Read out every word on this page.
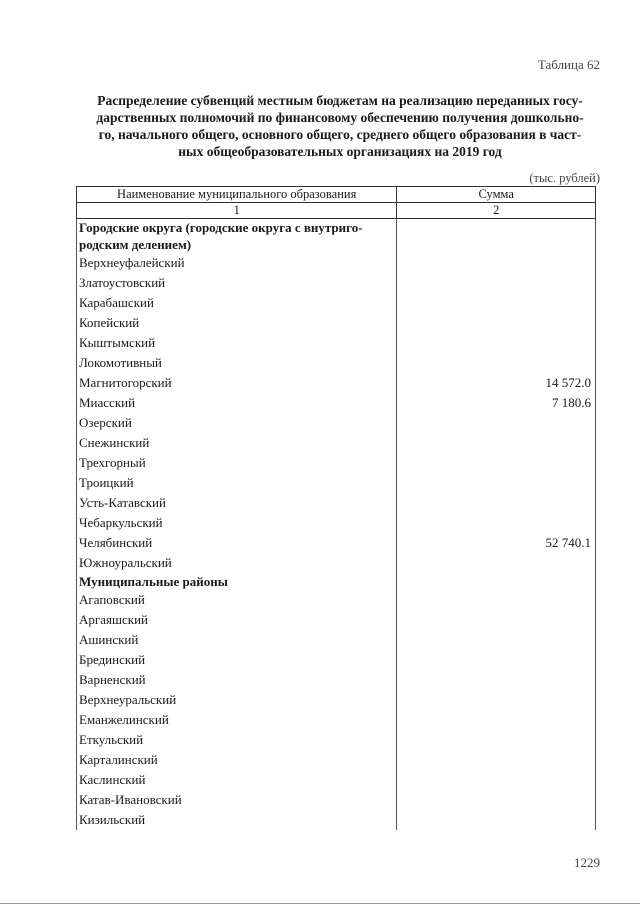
Таблица 62
Распределение субвенций местным бюджетам на реализацию переданных госу-
дарственных полномочий по финансовому обеспечению получения дошкольно-
го, начального общего, основного общего, среднего общего образования в част-
ных общеобразовательных организациях на 2019 год
(тыс. рублей)
Наименование муниципального образования	Сумма
1	2
Городские округа (городские округа с внутриго-
родским делением)
Верхнеуфалейский
Златоустовский
Карабашский
Копейский
Кыштымский
Локомотивный
Магнитогорский	14 572.0
Миасский	7 180.6
Озерский
Снежинский
Трехгорный
Троицкий
Усть-Катавский
Чебаркульский
Челябинский	52 740.1
Южноуральский
Муниципальные районы
Агаповский
Аргаяшский
Ашинский
Брединский
Варненский
Верхнеуральский
Еманжелинский
Еткульский
Карталинский
Каслинский
Катав-Ивановский
Кизильский
1229
